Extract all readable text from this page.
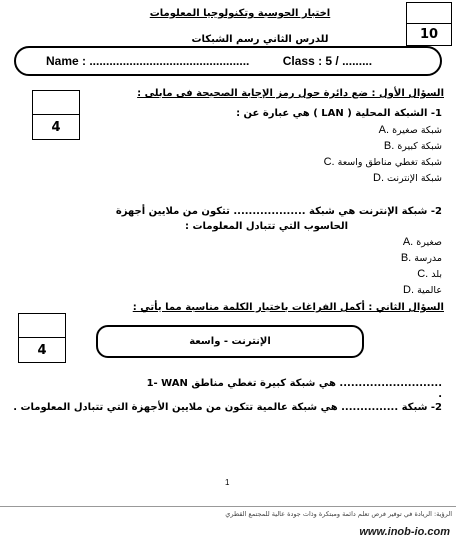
اختبار الحوسبة وتكنولوجيا المعلومات
للدرس الثاني رسم الشبكات	10
Name : ................................................	Class : 5 / .........
السؤال الأول : ضع دائرة حول رمز الإجابة الصحيحة فى مابلى :
4
1- الشبكة المحلية ( LAN ) هي عبارة عن :
A. شبكة صغيرة
B. شبكة كبيرة
C. شبكة تغطي مناطق واسعة
D. شبكة الإنترنت
2- شبكة الإنترنت هي شبكة ................... تتكون من ملايين أجهزة
الحاسوب التي تتبادل المعلومات :
A. صغيرة
B. مدرسة
C. بلد
D. عالمية
السؤال الثاني : أكمل الفراغات باختيار الكلمة مناسبة مما يأتي :
4
الإنترنت - واسعة
1- WAN هي شبكة كبيرة تغطي مناطق ........................... .
2- شبكة ............... هي شبكة عالمية تتكون من ملايين الأجهزة التي تتبادل المعلومات .
1
الرؤية: الريادة في توفير فرص تعلم دائمة ومبتكرة وذات جودة عالية للمجتمع القطري
www.inob-io.com
